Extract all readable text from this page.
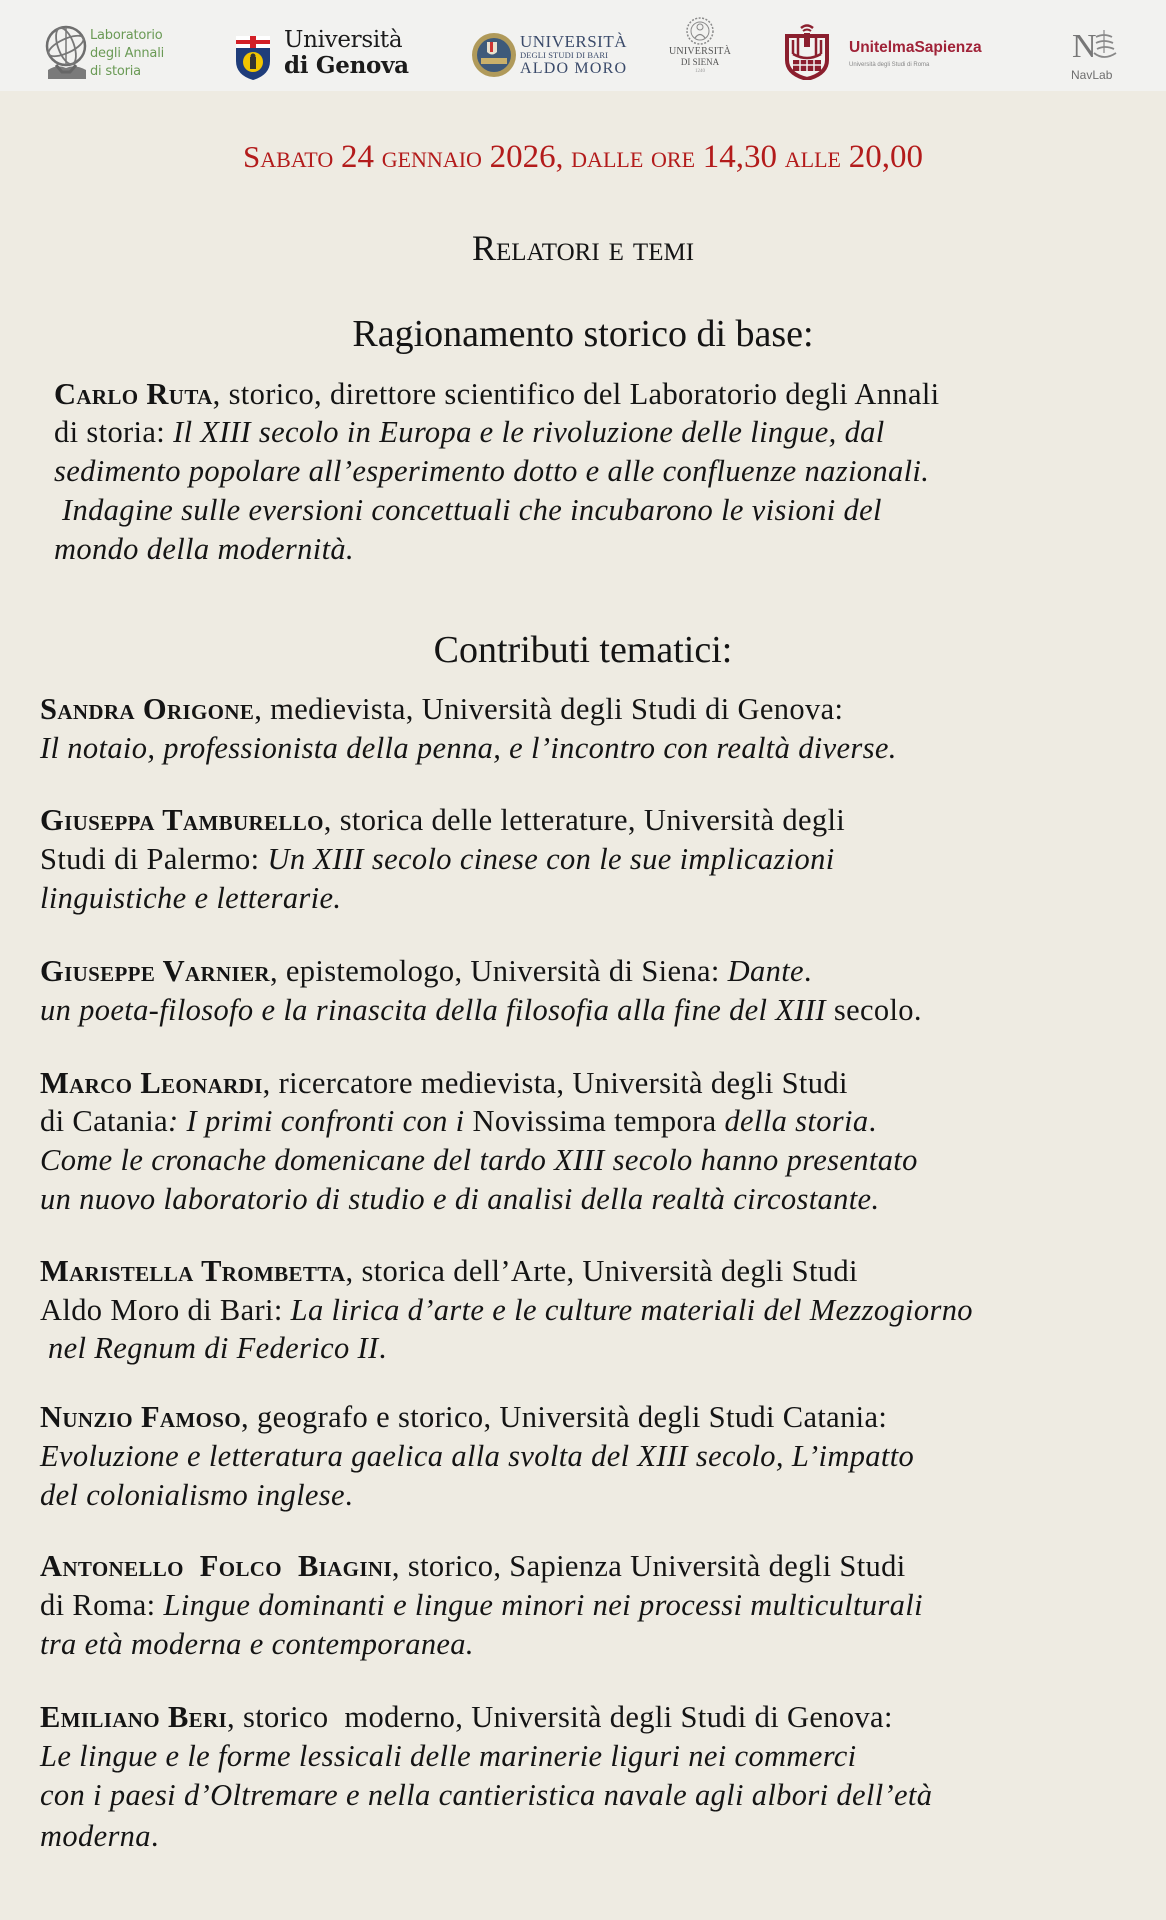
Laboratorio
degli Annali
di storia
Università
di Genova
UNIVERSITÀ
DEGLI STUDI DI BARI
ALDO MORO
UNIVERSITÀ
DI SIENA
1240
UnitelmaSapienza
Università degli Studi di Roma	N
NavLab
Sabato 24 gennaio 2026, dalle ore 14,30 alle 20,00
Relatori e temi
Ragionamento storico di base:
Carlo Ruta, storico, direttore scientifico del Laboratorio degli Annali
di storia: Il XIII secolo in Europa e le rivoluzione delle lingue, dal
sedimento popolare all’esperimento dotto e alle confluenze nazionali.
Indagine sulle eversioni concettuali che incubarono le visioni del
mondo della modernità.
Contributi tematici:
Sandra Origone, medievista, Università degli Studi di Genova:
Il notaio, professionista della penna, e l’incontro con realtà diverse.
Giuseppa Tamburello, storica delle letterature, Università degli
Studi di Palermo: Un XIII secolo cinese con le sue implicazioni
linguistiche e letterarie.
Giuseppe Varnier, epistemologo, Università di Siena: Dante.
un poeta-filosofo e la rinascita della filosofia alla fine del XIII secolo.
Marco Leonardi, ricercatore medievista, Università degli Studi
di Catania: I primi confronti con i Novissima tempora della storia.
Come le cronache domenicane del tardo XIII secolo hanno presentato
un nuovo laboratorio di studio e di analisi della realtà circostante.
Maristella Trombetta, storica dell’Arte, Università degli Studi
Aldo Moro di Bari: La lirica d’arte e le culture materiali del Mezzogiorno
nel Regnum di Federico II.
Nunzio Famoso, geografo e storico, Università degli Studi Catania:
Evoluzione e letteratura gaelica alla svolta del XIII secolo, L’impatto
del colonialismo inglese.
Antonello  Folco  Biagini, storico, Sapienza Università degli Studi
di Roma: Lingue dominanti e lingue minori nei processi multiculturali
tra età moderna e contemporanea.
Emiliano Beri, storico  moderno, Università degli Studi di Genova:
Le lingue e le forme lessicali delle marinerie liguri nei commerci
con i paesi d’Oltremare e nella cantieristica navale agli albori dell’età
moderna.
